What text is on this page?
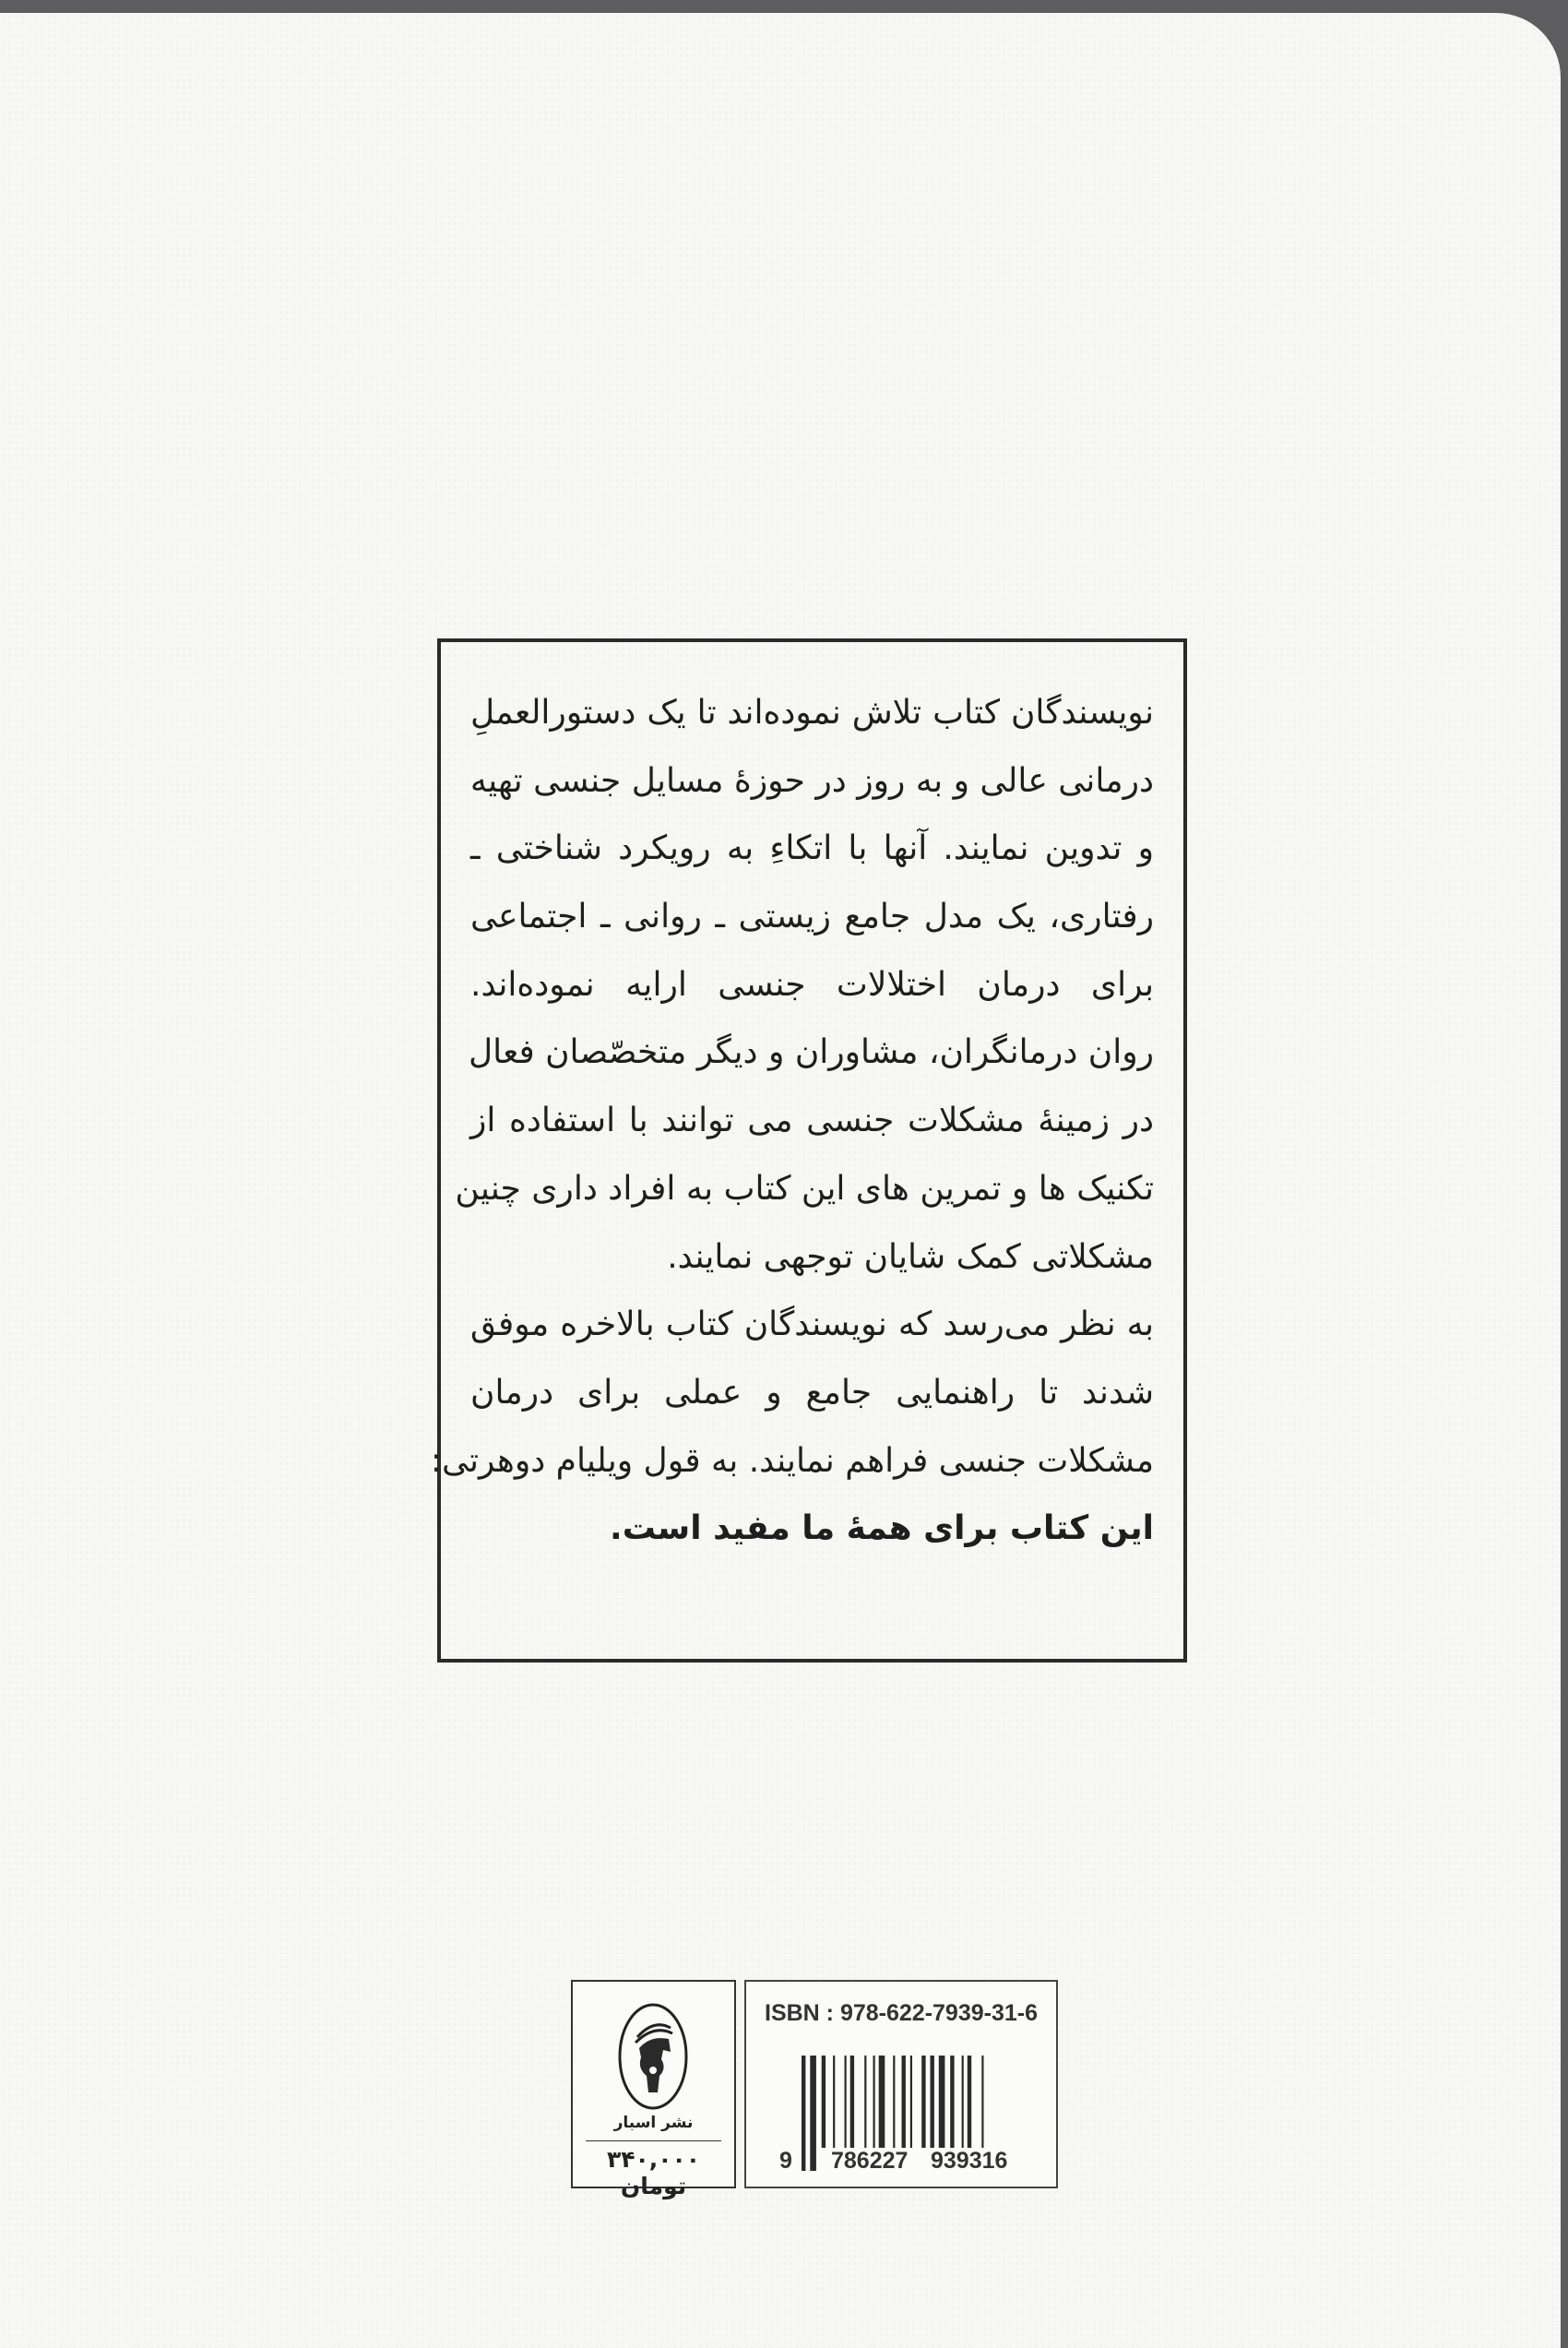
نویسندگان کتاب تلاش نموده‌اند تا یک دستورالعملِ
درمانی عالی و به روز در حوزهٔ مسایل جنسی تهیه
و تدوین نمایند. آنها با اتکاءِ به رویکرد شناختی ـ
رفتاری، یک مدل جامع زیستی ـ روانی ـ اجتماعی
برای درمان اختلالات جنسی ارایه نموده‌اند.
روان درمانگران، مشاوران و دیگر متخصّصان فعال
در زمینهٔ مشکلات جنسی می توانند با استفاده از
تکنیک ها و تمرین های این کتاب به افراد داری چنین
مشکلاتی کمک شایان توجهی نمایند.
به نظر می‌رسد که نویسندگان کتاب بالاخره موفق
شدند تا راهنمایی جامع و عملی برای درمان
مشکلات جنسی فراهم نمایند. به قول ویلیام دوهرتی:
این کتاب برای همهٔ ما مفید است.
نشر اسبار
۳۴۰,۰۰۰ تومان
ISBN : 978-622-7939-31-6
9 786227 939316
